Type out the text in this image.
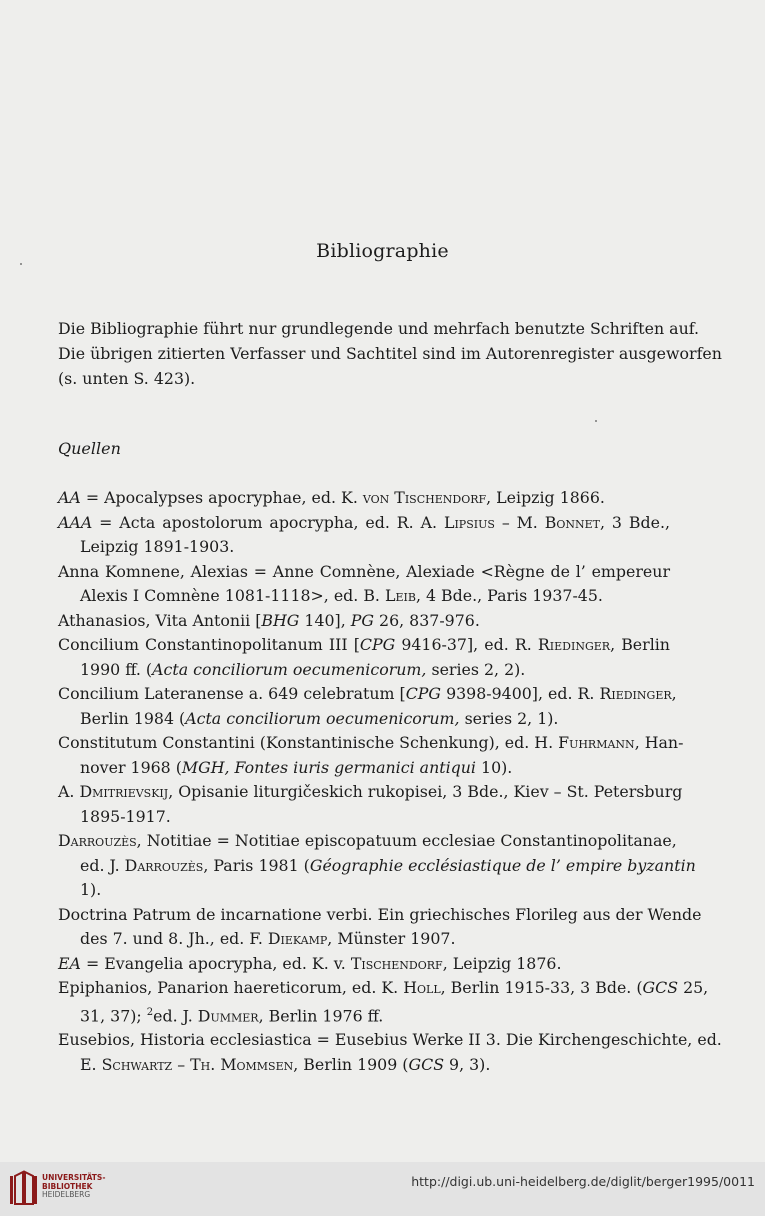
Bibliographie
Die Bibliographie führt nur grundlegende und mehrfach benutzte Schriften auf.
Die übrigen zitierten Verfasser und Sachtitel sind im Autorenregister ausgeworfen
(s. unten S. 423).
Quellen
AA = Apocalypses apocryphae, ed. K. von Tischendorf, Leipzig 1866.
AAA = Acta apostolorum apocrypha, ed. R. A. Lipsius – M. Bonnet, 3 Bde.,
Leipzig 1891-1903.
Anna Komnene, Alexias = Anne Comnène, Alexiade <Règne de l’ empereur
Alexis I Comnène 1081-1118>, ed. B. Leib, 4 Bde., Paris 1937-45.
Athanasios, Vita Antonii [BHG 140], PG 26, 837-976.
Concilium Constantinopolitanum III [CPG 9416-37], ed. R. Riedinger, Berlin
1990 ff. (Acta conciliorum oecumenicorum, series 2, 2).
Concilium Lateranense a. 649 celebratum [CPG 9398-9400], ed. R. Riedinger,
Berlin 1984 (Acta conciliorum oecumenicorum, series 2, 1).
Constitutum Constantini (Konstantinische Schenkung), ed. H. Fuhrmann, Han-
nover 1968 (MGH, Fontes iuris germanici antiqui 10).
A. Dmitrievskij, Opisanie liturgičeskich rukopisei, 3 Bde., Kiev – St. Petersburg
1895-1917.
Darrouzès, Notitiae = Notitiae episcopatuum ecclesiae Constantinopolitanae,
ed. J. Darrouzès, Paris 1981 (Géographie ecclésiastique de l’ empire byzantin
1).
Doctrina Patrum de incarnatione verbi. Ein griechisches Florileg aus der Wende
des 7. und 8. Jh., ed. F. Diekamp, Münster 1907.
EA = Evangelia apocrypha, ed. K. v. Tischendorf, Leipzig 1876.
Epiphanios, Panarion haereticorum, ed. K. Holl, Berlin 1915-33, 3 Bde. (GCS 25,
31, 37); $^2$ed. J. Dummer, Berlin 1976 ff.
Eusebios, Historia ecclesiastica = Eusebius Werke II 3. Die Kirchengeschichte, ed.
E. Schwartz – Th. Mommsen, Berlin 1909 (GCS 9, 3).
UNIVERSITÄTS-
BIBLIOTHEK
HEIDELBERG
http://digi.ub.uni-heidelberg.de/diglit/berger1995/0011
